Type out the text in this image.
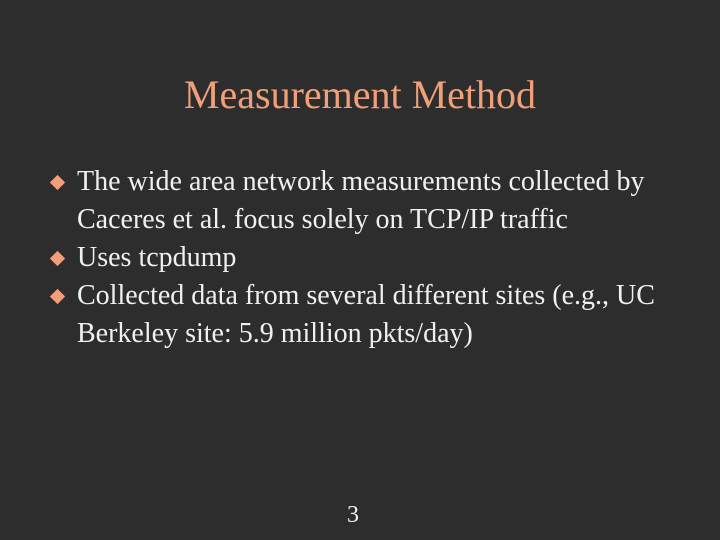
Measurement Method
The wide area network measurements collected by Caceres et al. focus solely on TCP/IP traffic
Uses tcpdump
Collected data from several different sites (e.g., UC Berkeley site: 5.9 million pkts/day)
3
